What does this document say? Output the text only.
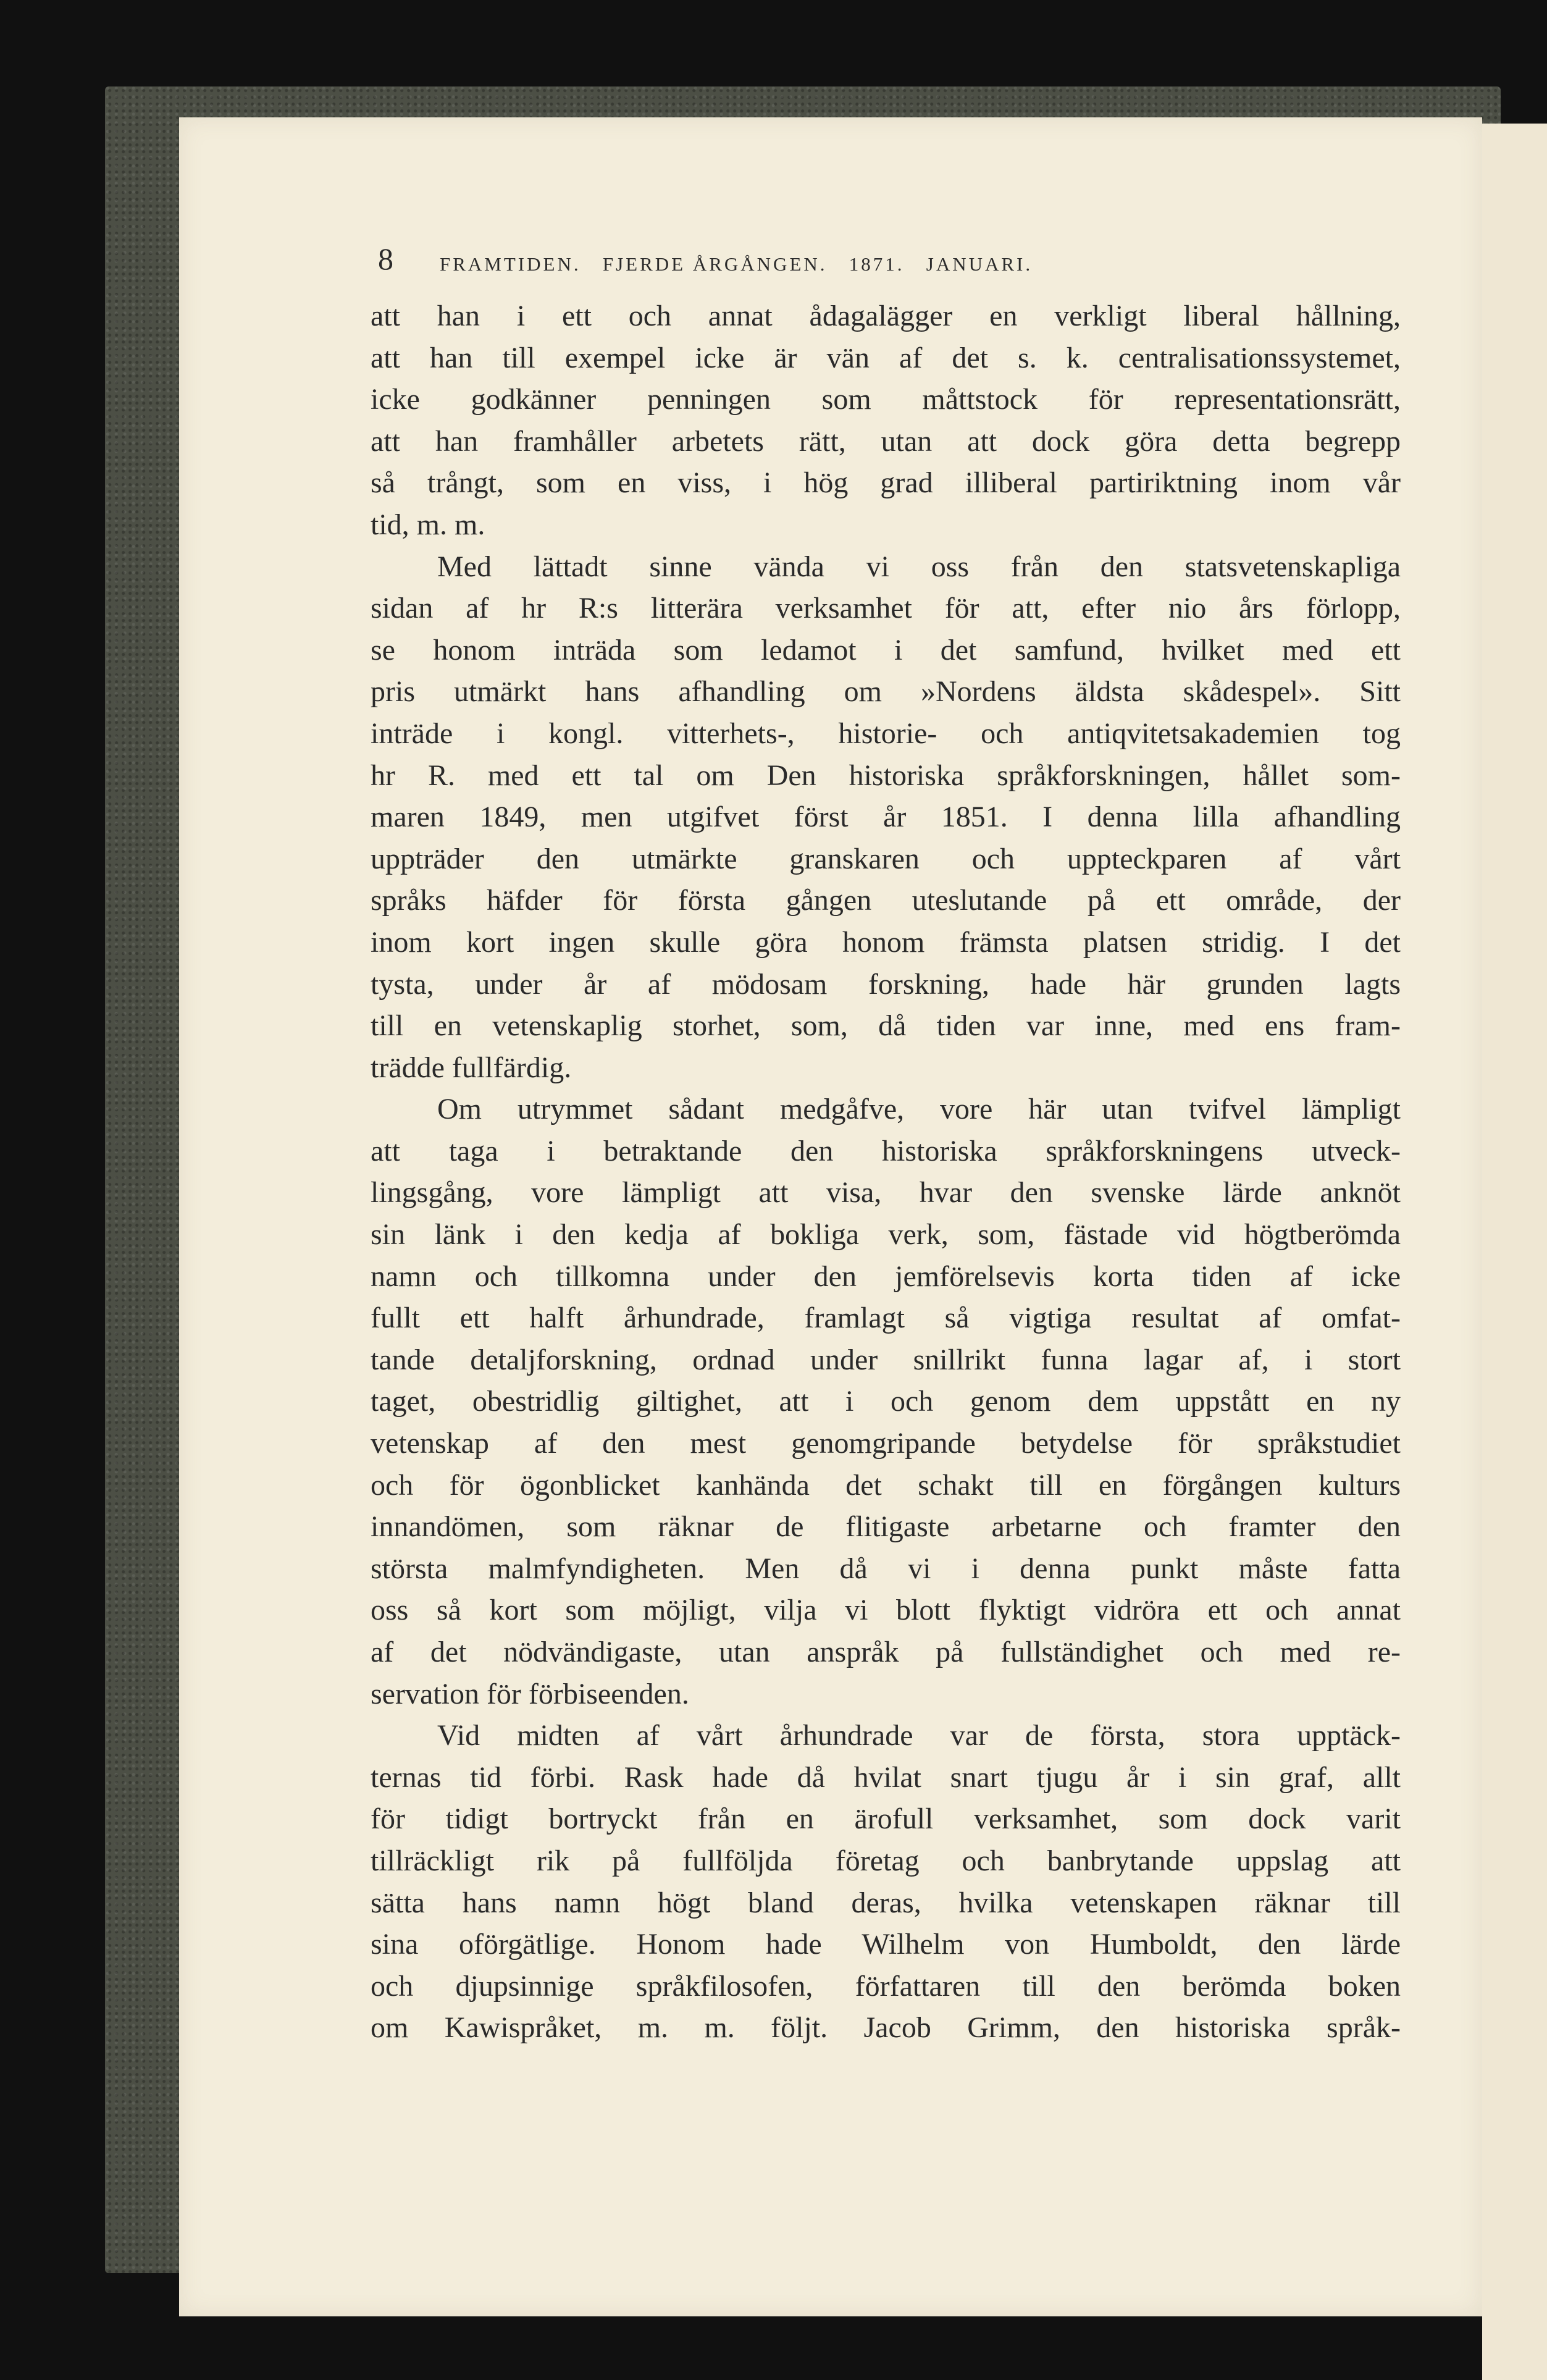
8 FRAMTIDEN.   FJERDE ÅRGÅNGEN.   1871.   JANUARI.
att han i ett och annat ådagalägger en verkligt liberal hållning,
att han till exempel icke är vän af det s. k. centralisationssystemet,
icke godkänner penningen som måttstock för representationsrätt,
att han framhåller arbetets rätt, utan att dock göra detta begrepp
så trångt, som en viss, i hög grad illiberal partiriktning inom vår
tid, m. m.
Med lättadt sinne vända vi oss från den statsvetenskapliga
sidan af hr R:s litterära verksamhet för att, efter nio års förlopp,
se honom inträda som ledamot i det samfund, hvilket med ett
pris utmärkt hans afhandling om »Nordens äldsta skådespel». Sitt
inträde i kongl. vitterhets-, historie- och antiqvitetsakademien tog
hr R. med ett tal om Den historiska språkforskningen, hållet som-
maren 1849, men utgifvet först år 1851. I denna lilla afhandling
uppträder den utmärkte granskaren och uppteckparen af vårt
språks häfder för första gången uteslutande på ett område, der
inom kort ingen skulle göra honom främsta platsen stridig. I det
tysta, under år af mödosam forskning, hade här grunden lagts
till en vetenskaplig storhet, som, då tiden var inne, med ens fram-
trädde fullfärdig.
Om utrymmet sådant medgåfve, vore här utan tvifvel lämpligt
att taga i betraktande den historiska språkforskningens utveck-
lingsgång, vore lämpligt att visa, hvar den svenske lärde anknöt
sin länk i den kedja af bokliga verk, som, fästade vid högtberömda
namn och tillkomna under den jemförelsevis korta tiden af icke
fullt ett halft århundrade, framlagt så vigtiga resultat af omfat-
tande detaljforskning, ordnad under snillrikt funna lagar af, i stort
taget, obestridlig giltighet, att i och genom dem uppstått en ny
vetenskap af den mest genomgripande betydelse för språkstudiet
och för ögonblicket kanhända det schakt till en förgången kulturs
innandömen, som räknar de flitigaste arbetarne och framter den
största malmfyndigheten. Men då vi i denna punkt måste fatta
oss så kort som möjligt, vilja vi blott flyktigt vidröra ett och annat
af det nödvändigaste, utan anspråk på fullständighet och med re-
servation för förbiseenden.
Vid midten af vårt århundrade var de första, stora upptäck-
ternas tid förbi. Rask hade då hvilat snart tjugu år i sin graf, allt
för tidigt bortryckt från en ärofull verksamhet, som dock varit
tillräckligt rik på fullföljda företag och banbrytande uppslag att
sätta hans namn högt bland deras, hvilka vetenskapen räknar till
sina oförgätlige. Honom hade Wilhelm von Humboldt, den lärde
och djupsinnige språkfilosofen, författaren till den berömda boken
om Kawispråket, m. m. följt. Jacob Grimm, den historiska språk-
